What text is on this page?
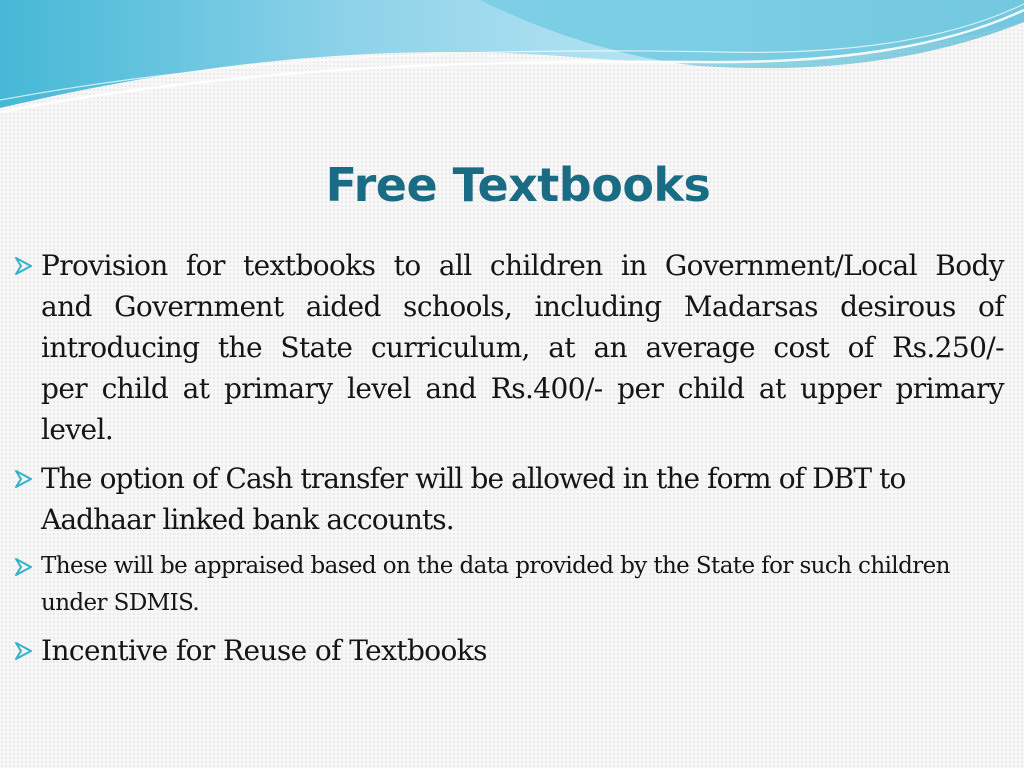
Free Textbooks
Provision for textbooks to all children in Government/Local Body and Government aided schools, including Madarsas desirous of introducing the State curriculum, at an average cost of Rs.250/- per child at primary level and Rs.400/- per child at upper primary level.
The option of Cash transfer will be allowed in the form of DBT to Aadhaar linked bank accounts.
These will be appraised based on the data provided by the State for such children under SDMIS.
Incentive for Reuse of Textbooks
